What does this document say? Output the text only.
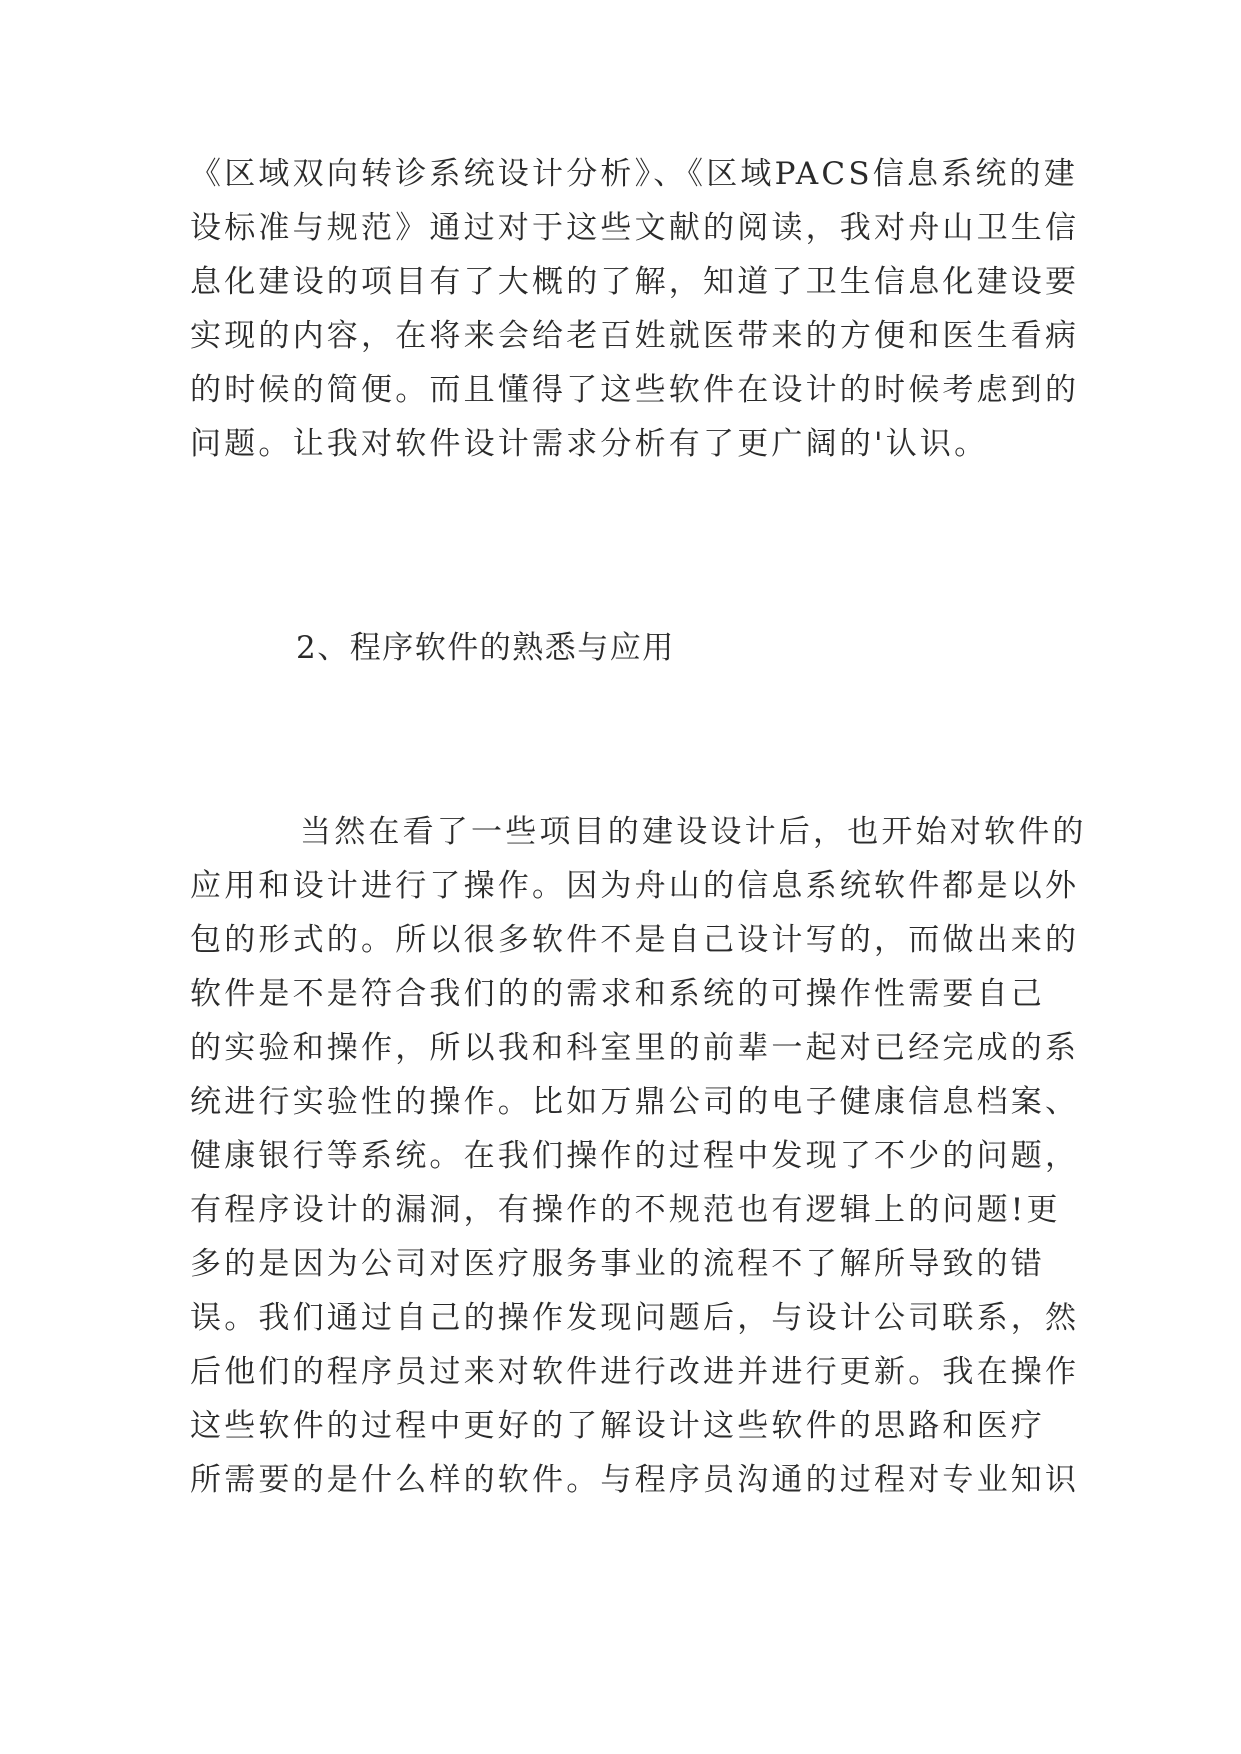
《区域双向转诊系统设计分析》、《区域PACS信息系统的建

设标准与规范》通过对于这些文献的阅读，我对舟山卫生信

息化建设的项目有了大概的了解，知道了卫生信息化建设要

实现的内容，在将来会给老百姓就医带来的方便和医生看病

的时候的简便。而且懂得了这些软件在设计的时候考虑到的

问题。让我对软件设计需求分析有了更广阔的'认识。

2、程序软件的熟悉与应用

当然在看了一些项目的建设设计后，也开始对软件的

应用和设计进行了操作。因为舟山的信息系统软件都是以外

包的形式的。所以很多软件不是自己设计写的，而做出来的

软件是不是符合我们的的需求和系统的可操作性需要自己

的实验和操作，所以我和科室里的前辈一起对已经完成的系

统进行实验性的操作。比如万鼎公司的电子健康信息档案、

健康银行等系统。在我们操作的过程中发现了不少的问题，

有程序设计的漏洞，有操作的不规范也有逻辑上的问题!更

多的是因为公司对医疗服务事业的流程不了解所导致的错

误。我们通过自己的操作发现问题后，与设计公司联系，然

后他们的程序员过来对软件进行改进并进行更新。我在操作

这些软件的过程中更好的了解设计这些软件的思路和医疗

所需要的是什么样的软件。与程序员沟通的过程对专业知识
